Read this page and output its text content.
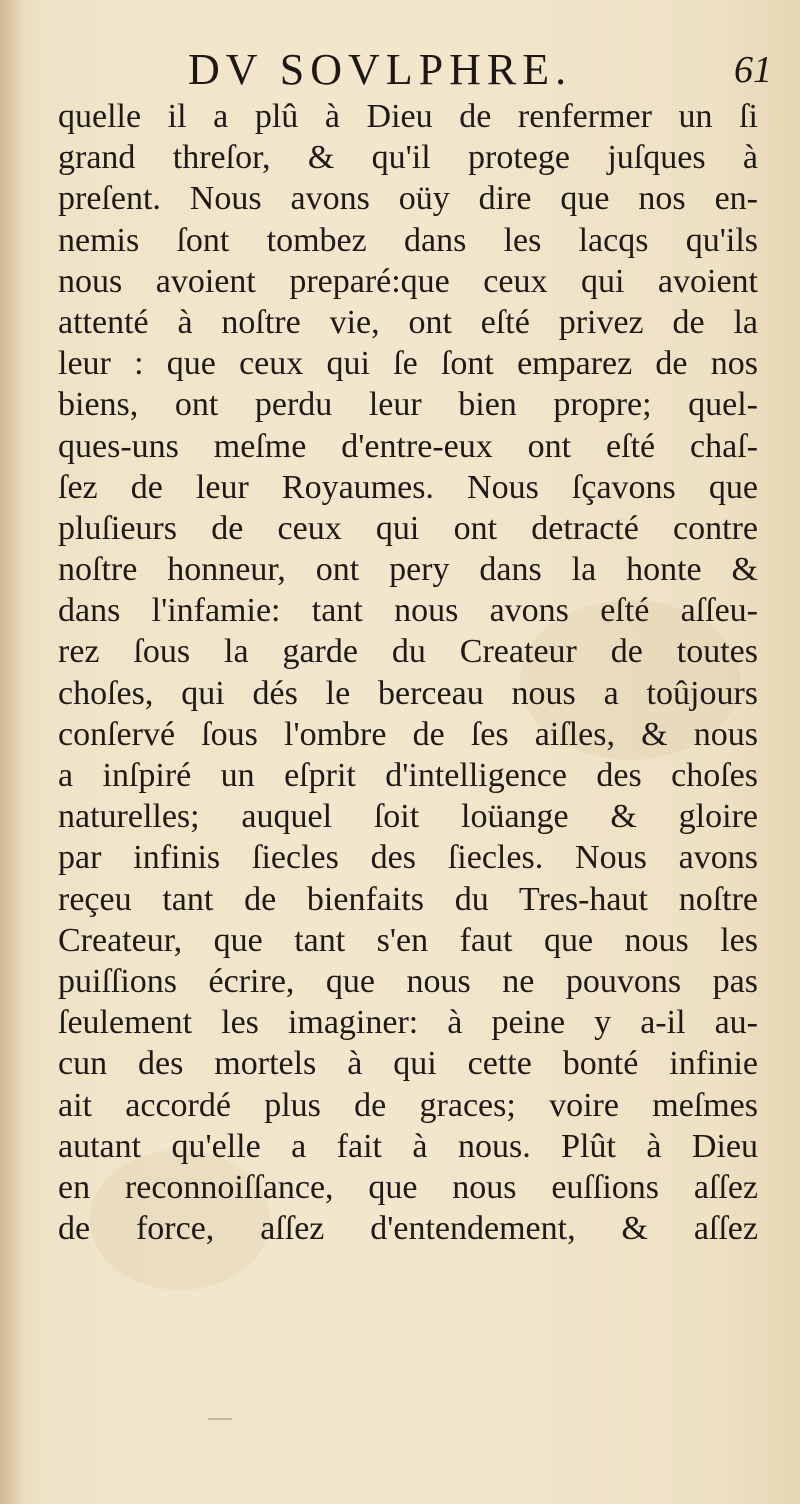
DV SOVLPHRE.	61
quelle il a plû à Dieu de renfermer un ſi
grand threſor, & qu'il protege juſques à
preſent. Nous avons oüy dire que nos en-
nemis ſont tombez dans les lacqs qu'ils
nous avoient preparé:que ceux qui avoient
attenté à noſtre vie, ont eſté privez de la
leur : que ceux qui ſe ſont emparez de nos
biens, ont perdu leur bien propre; quel-
ques-uns meſme d'entre-eux ont eſté chaſ-
ſez de leur Royaumes. Nous ſçavons que
pluſieurs de ceux qui ont detracté contre
noſtre honneur, ont pery dans la honte &
dans l'infamie: tant nous avons eſté aſſeu-
rez ſous la garde du Createur de toutes
choſes, qui dés le berceau nous a toûjours
conſervé ſous l'ombre de ſes aiſles, & nous
a inſpiré un eſprit d'intelligence des choſes
naturelles; auquel ſoit loüange & gloire
par infinis ſiecles des ſiecles. Nous avons
reçeu tant de bienfaits du Tres-haut noſtre
Createur, que tant s'en faut que nous les
puiſſions écrire, que nous ne pouvons pas
ſeulement les imaginer: à peine y a-il au-
cun des mortels à qui cette bonté infinie
ait accordé plus de graces; voire meſmes
autant qu'elle a fait à nous. Plût à Dieu
en reconnoiſſance, que nous euſſions aſſez
de force, aſſez d'entendement, & aſſez
